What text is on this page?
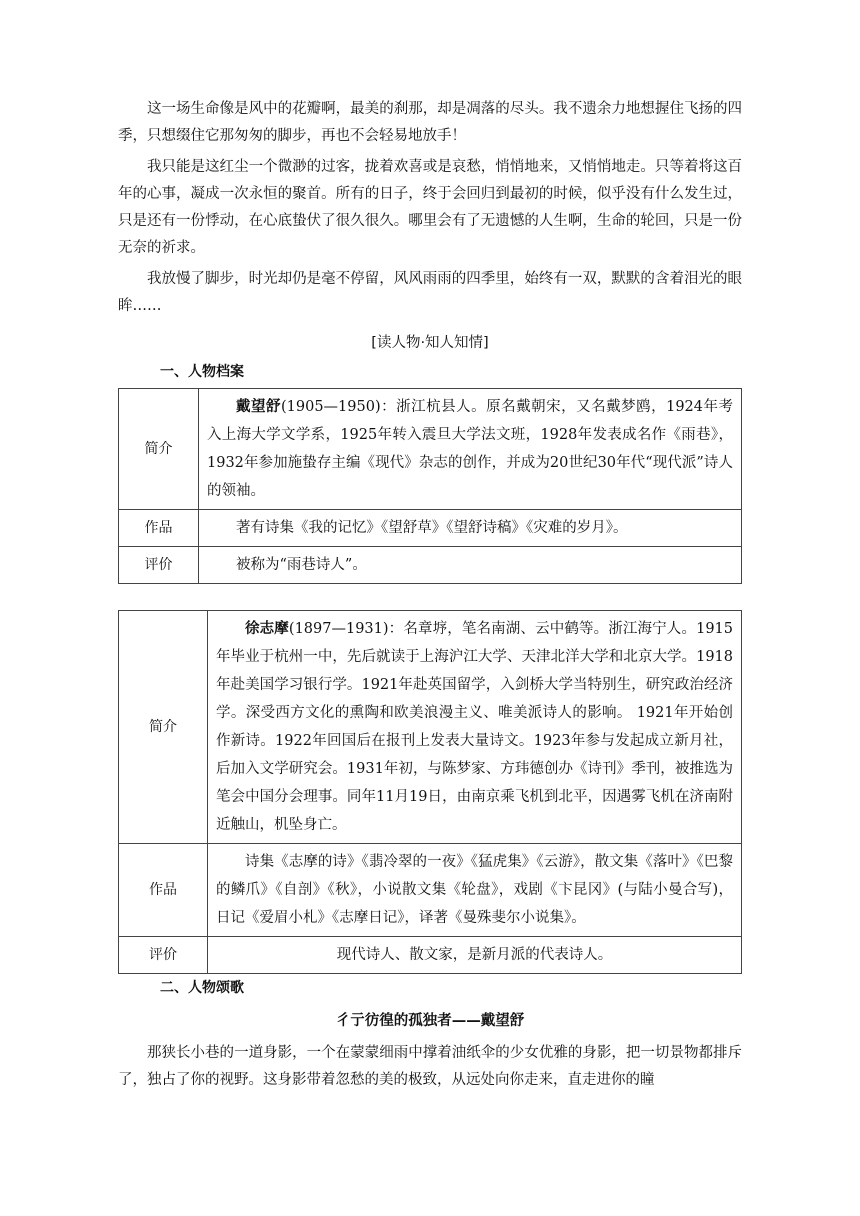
这一场生命像是风中的花瓣啊，最美的刹那，却是凋落的尽头。我不遗余力地想握住飞扬的四季，只想缀住它那匆匆的脚步，再也不会轻易地放手！

我只能是这红尘一个微渺的过客，拢着欢喜或是哀愁，悄悄地来，又悄悄地走。只等着将这百年的心事，凝成一次永恒的聚首。所有的日子，终于会回归到最初的时候，似乎没有什么发生过，只是还有一份悸动，在心底蛰伏了很久很久。哪里会有了无遗憾的人生啊，生命的轮回，只是一份无奈的祈求。

我放慢了脚步，时光却仍是毫不停留，风风雨雨的四季里，始终有一双，默默的含着泪光的眼眸……

[读人物·知人知情]
一、人物档案
简介	戴望舒(1905—1950)：浙江杭县人。原名戴朝宋，又名戴梦鸥，1924年考入上海大学文学系，1925年转入震旦大学法文班，1928年发表成名作《雨巷》，1932年参加施蛰存主编《现代》杂志的创作，并成为20世纪30年代“现代派”诗人的领袖。

作品	著有诗集《我的记忆》《望舒草》《望舒诗稿》《灾难的岁月》。

评价	被称为“雨巷诗人”。
简介	徐志摩(1897—1931)：名章垿，笔名南湖、云中鹤等。浙江海宁人。1915年毕业于杭州一中，先后就读于上海沪江大学、天津北洋大学和北京大学。1918年赴美国学习银行学。1921年赴英国留学，入剑桥大学当特别生，研究政治经济学。深受西方文化的熏陶和欧美浪漫主义、唯美派诗人的影响。 1921年开始创作新诗。1922年回国后在报刊上发表大量诗文。1923年参与发起成立新月社，后加入文学研究会。1931年初，与陈梦家、方玮德创办《诗刊》季刊，被推选为笔会中国分会理事。同年11月19日，由南京乘飞机到北平，因遇雾飞机在济南附近触山，机坠身亡。

作品	诗集《志摩的诗》《翡冷翠的一夜》《猛虎集》《云游》，散文集《落叶》《巴黎的鳞爪》《自剖》《秋》，小说散文集《轮盘》，戏剧《卞昆冈》(与陆小曼合写)，日记《爱眉小札》《志摩日记》，译著《曼殊斐尔小说集》。

评价	现代诗人、散文家，是新月派的代表诗人。
二、人物颂歌
彳亍彷徨的孤独者——戴望舒

那狭长小巷的一道身影，一个在蒙蒙细雨中撑着油纸伞的少女优雅的身影，把一切景物都排斥了，独占了你的视野。这身影带着忽愁的美的极致，从远处向你走来，直走进你的瞳
